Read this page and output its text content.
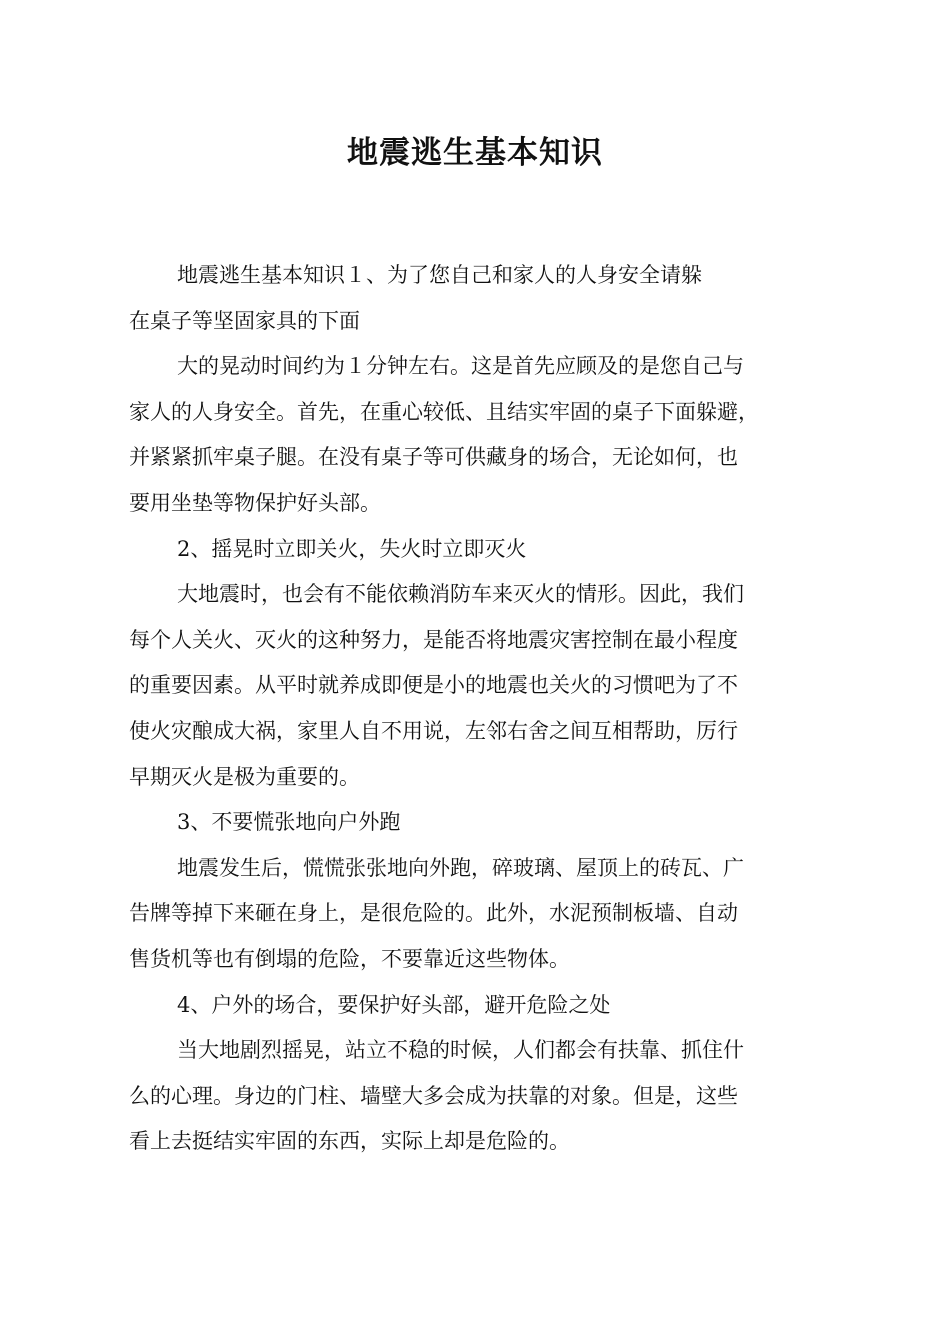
地震逃生基本知识
地震逃生基本知识１、为了您自己和家人的人身安全请躲
在桌子等坚固家具的下面
大的晃动时间约为１分钟左右。这是首先应顾及的是您自己与
家人的人身安全。首先，在重心较低、且结实牢固的桌子下面躲避，
并紧紧抓牢桌子腿。在没有桌子等可供藏身的场合，无论如何，也
要用坐垫等物保护好头部。
2、摇晃时立即关火，失火时立即灭火
大地震时，也会有不能依赖消防车来灭火的情形。因此，我们
每个人关火、灭火的这种努力，是能否将地震灾害控制在最小程度
的重要因素。从平时就养成即便是小的地震也关火的习惯吧为了不
使火灾酿成大祸，家里人自不用说，左邻右舍之间互相帮助，厉行
早期灭火是极为重要的。
3、不要慌张地向户外跑
地震发生后，慌慌张张地向外跑，碎玻璃、屋顶上的砖瓦、广
告牌等掉下来砸在身上，是很危险的。此外，水泥预制板墙、自动
售货机等也有倒塌的危险，不要靠近这些物体。
4、户外的场合，要保护好头部，避开危险之处
当大地剧烈摇晃，站立不稳的时候，人们都会有扶靠、抓住什
么的心理。身边的门柱、墙壁大多会成为扶靠的对象。但是，这些
看上去挺结实牢固的东西，实际上却是危险的。
